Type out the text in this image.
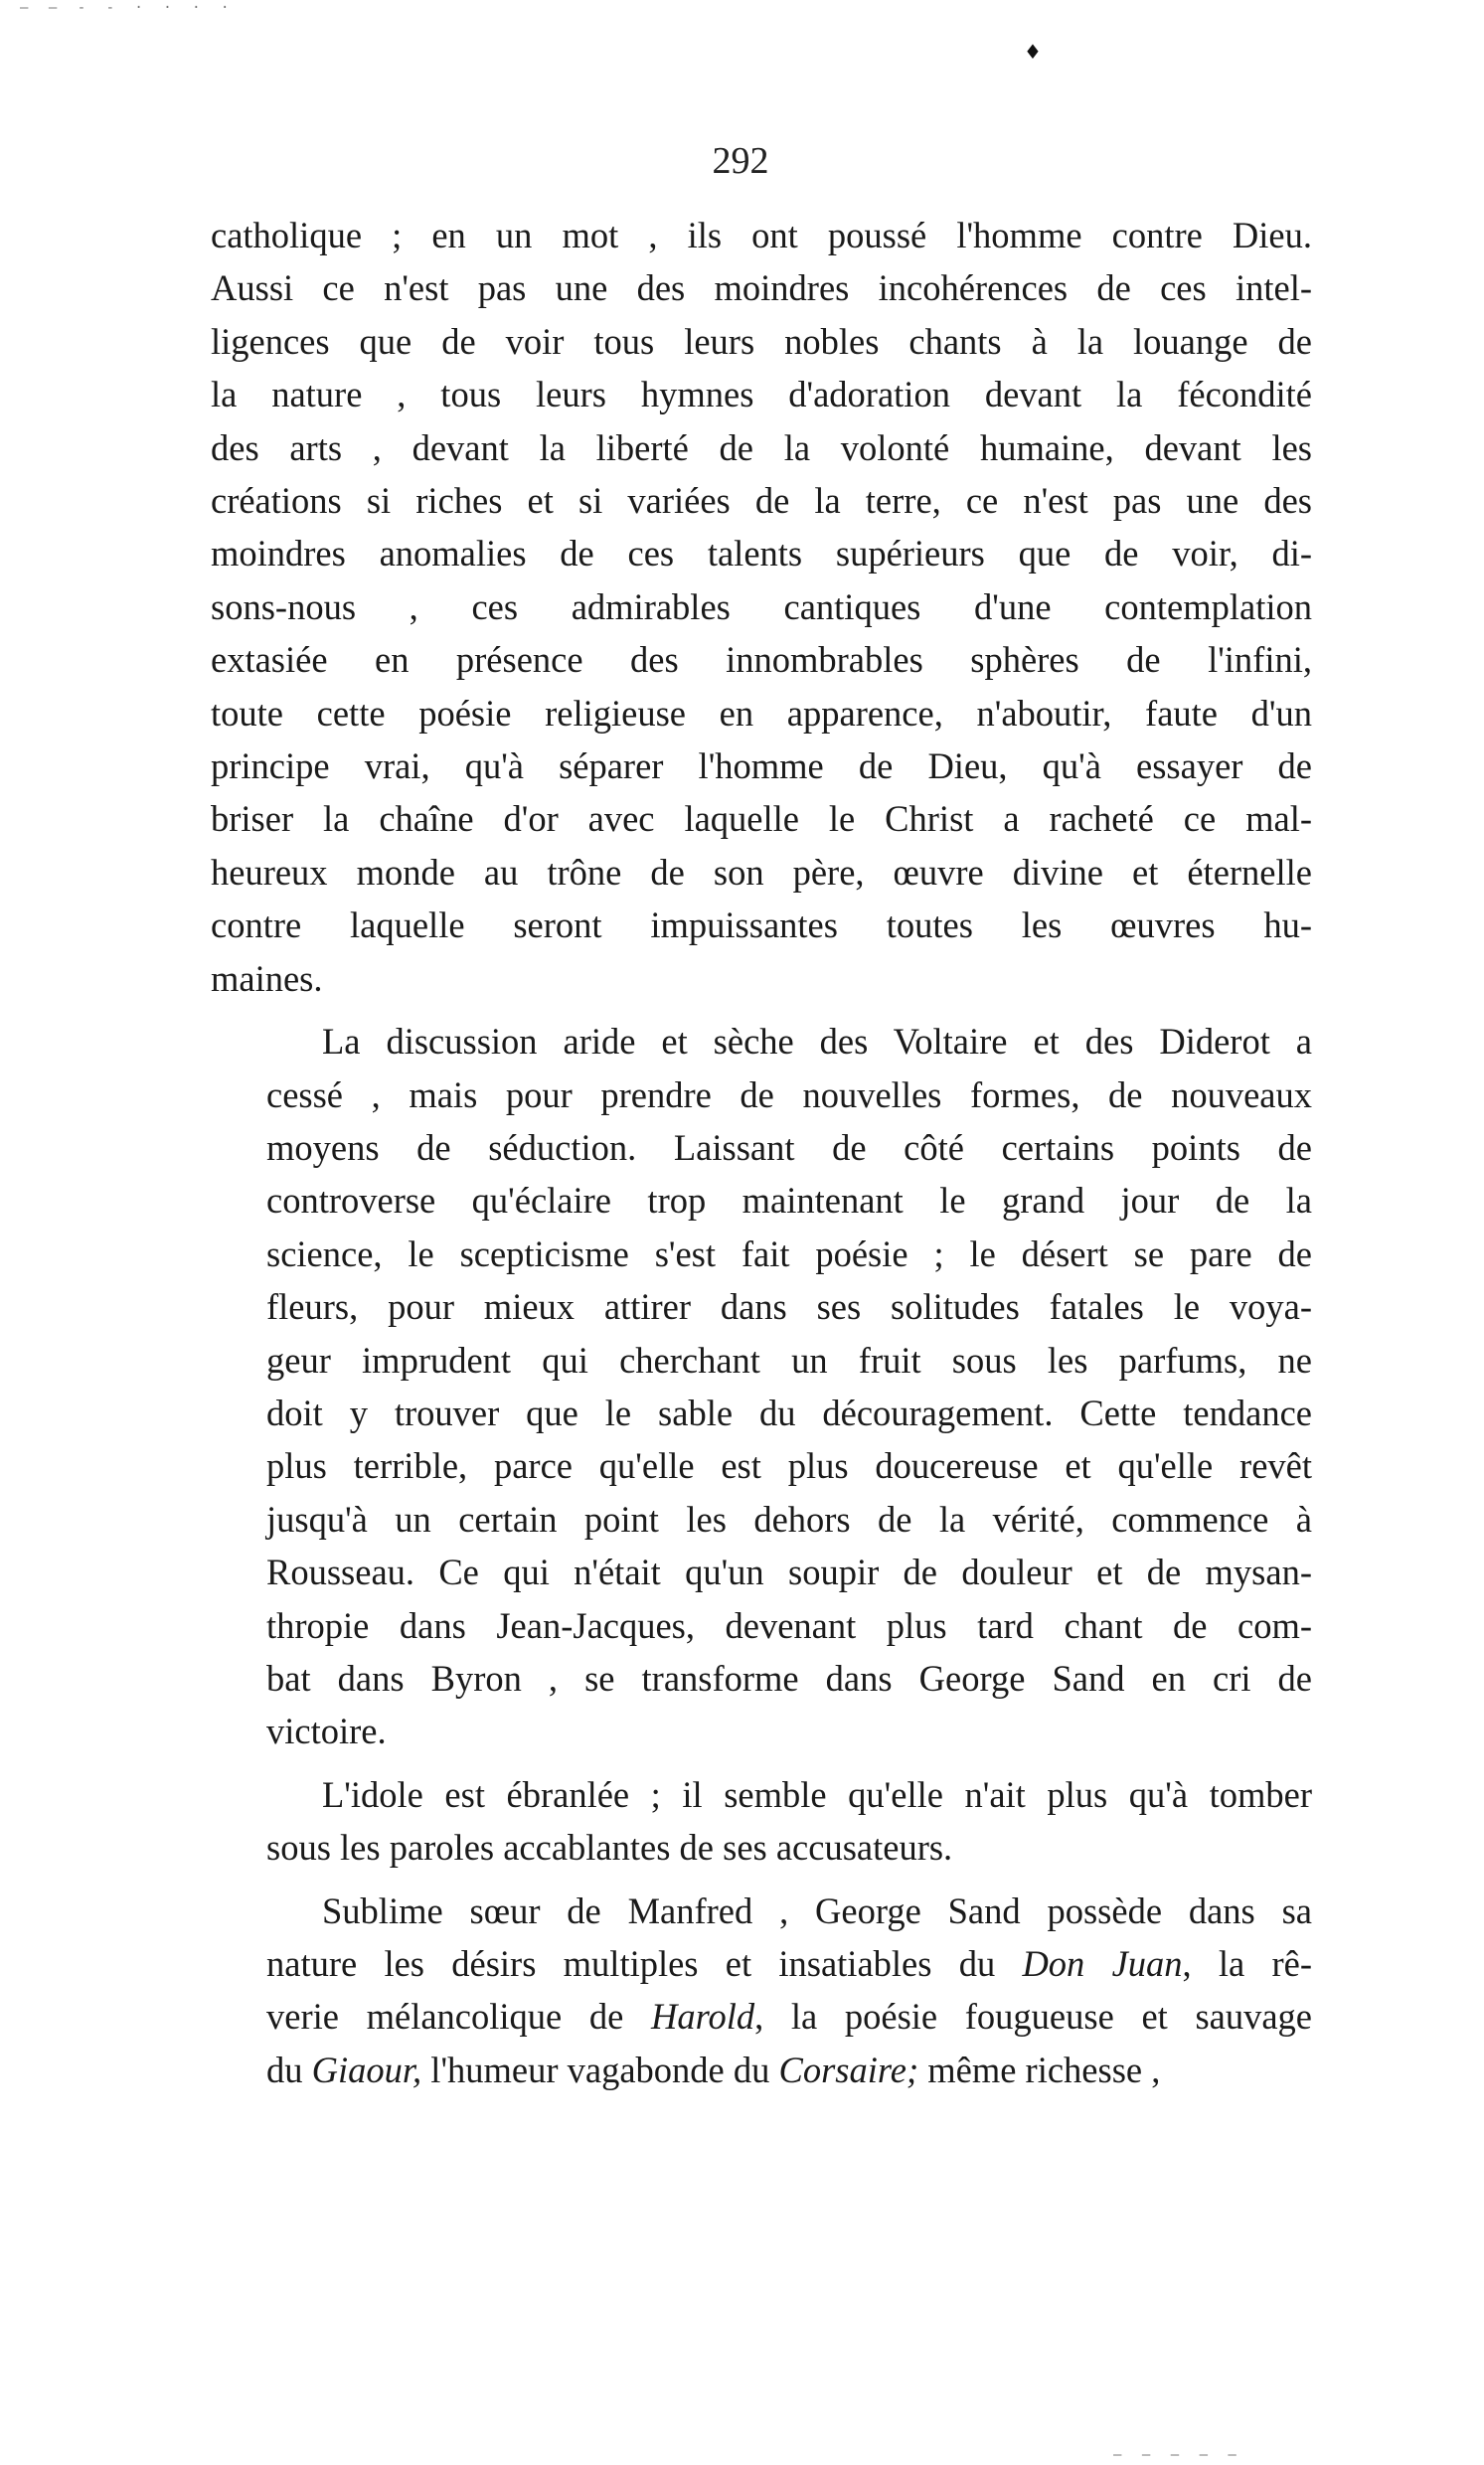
— — - - · · · ·
♦
292
catholique ; en un mot , ils ont poussé l'homme contre Dieu.
Aussi ce n'est pas une des moindres incohérences de ces intel-
ligences que de voir tous leurs nobles chants à la louange de
la nature , tous leurs hymnes d'adoration devant la fécondité
des arts , devant la liberté de la volonté humaine, devant les
créations si riches et si variées de la terre, ce n'est pas une des
moindres anomalies de ces talents supérieurs que de voir, di-
sons-nous , ces admirables cantiques d'une contemplation
extasiée en présence des innombrables sphères de l'infini,
toute cette poésie religieuse en apparence, n'aboutir, faute d'un
principe vrai, qu'à séparer l'homme de Dieu, qu'à essayer de
briser la chaîne d'or avec laquelle le Christ a racheté ce mal-
heureux monde au trône de son père, œuvre divine et éternelle
contre laquelle seront impuissantes toutes les œuvres hu-
maines.
La discussion aride et sèche des Voltaire et des Diderot a
cessé , mais pour prendre de nouvelles formes, de nouveaux
moyens de séduction. Laissant de côté certains points de
controverse qu'éclaire trop maintenant le grand jour de la
science, le scepticisme s'est fait poésie ; le désert se pare de
fleurs, pour mieux attirer dans ses solitudes fatales le voya-
geur imprudent qui cherchant un fruit sous les parfums, ne
doit y trouver que le sable du découragement. Cette tendance
plus terrible, parce qu'elle est plus doucereuse et qu'elle revêt
jusqu'à un certain point les dehors de la vérité, commence à
Rousseau. Ce qui n'était qu'un soupir de douleur et de mysan-
thropie dans Jean-Jacques, devenant plus tard chant de com-
bat dans Byron , se transforme dans George Sand en cri de
victoire.
L'idole est ébranlée ; il semble qu'elle n'ait plus qu'à tomber
sous les paroles accablantes de ses accusateurs.
Sublime sœur de Manfred , George Sand possède dans sa
nature les désirs multiples et insatiables du Don Juan, la rê-
verie mélancolique de Harold, la poésie fougueuse et sauvage
du Giaour, l'humeur vagabonde du Corsaire; même richesse ,
— — — — —
